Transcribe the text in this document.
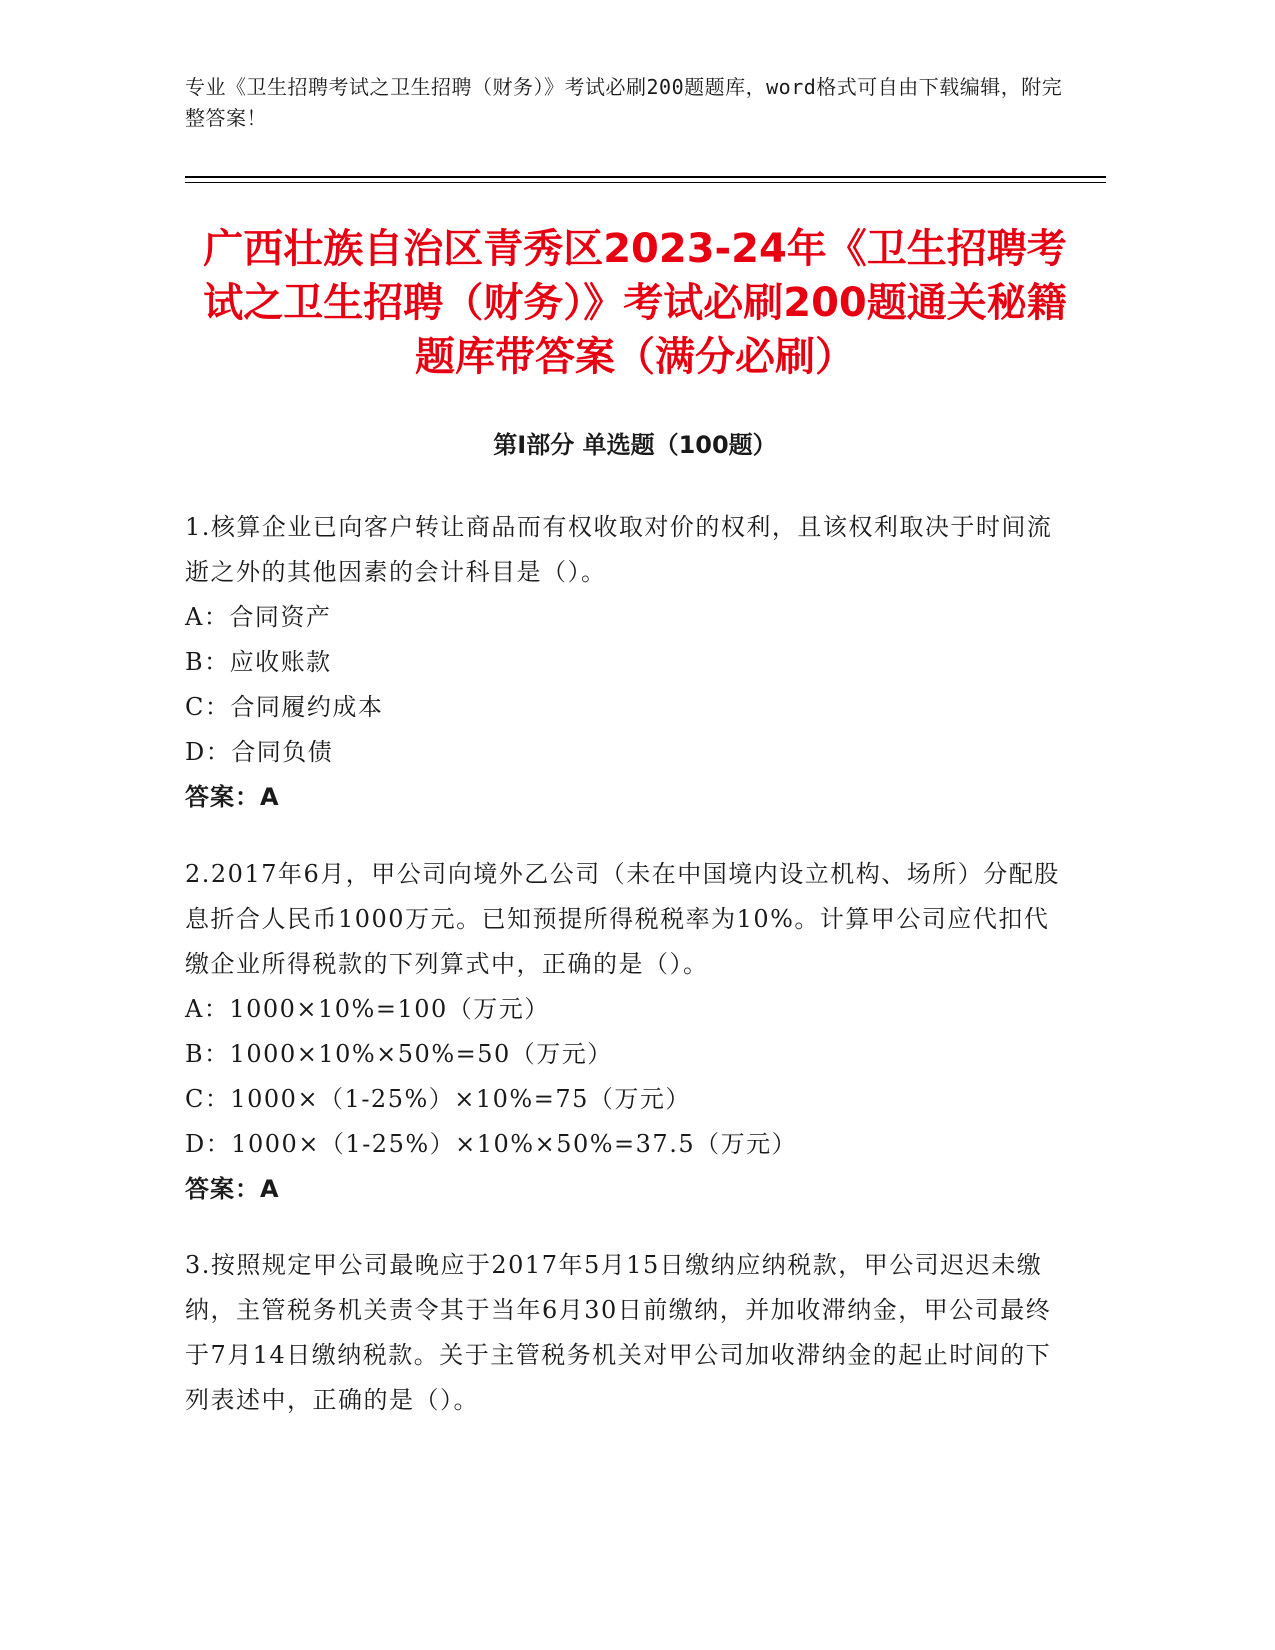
专业《卫生招聘考试之卫生招聘（财务）》考试必刷200题题库，word格式可自由下载编辑，附完整答案！
广西壮族自治区青秀区2023-24年《卫生招聘考试之卫生招聘（财务）》考试必刷200题通关秘籍题库带答案（满分必刷）
第Ⅰ部分 单选题（100题）
1.核算企业已向客户转让商品而有权收取对价的权利，且该权利取决于时间流逝之外的其他因素的会计科目是（）。
A：合同资产
B：应收账款
C：合同履约成本
D：合同负债
答案：A
2.2017年6月，甲公司向境外乙公司（未在中国境内设立机构、场所）分配股息折合人民币1000万元。已知预提所得税税率为10%。计算甲公司应代扣代缴企业所得税款的下列算式中，正确的是（）。
A：1000×10%=100（万元）
B：1000×10%×50%=50（万元）
C：1000×（1-25%）×10%=75（万元）
D：1000×（1-25%）×10%×50%=37.5（万元）
答案：A
3.按照规定甲公司最晚应于2017年5月15日缴纳应纳税款，甲公司迟迟未缴纳，主管税务机关责令其于当年6月30日前缴纳，并加收滞纳金，甲公司最终于7月14日缴纳税款。关于主管税务机关对甲公司加收滞纳金的起止时间的下列表述中，正确的是（）。
